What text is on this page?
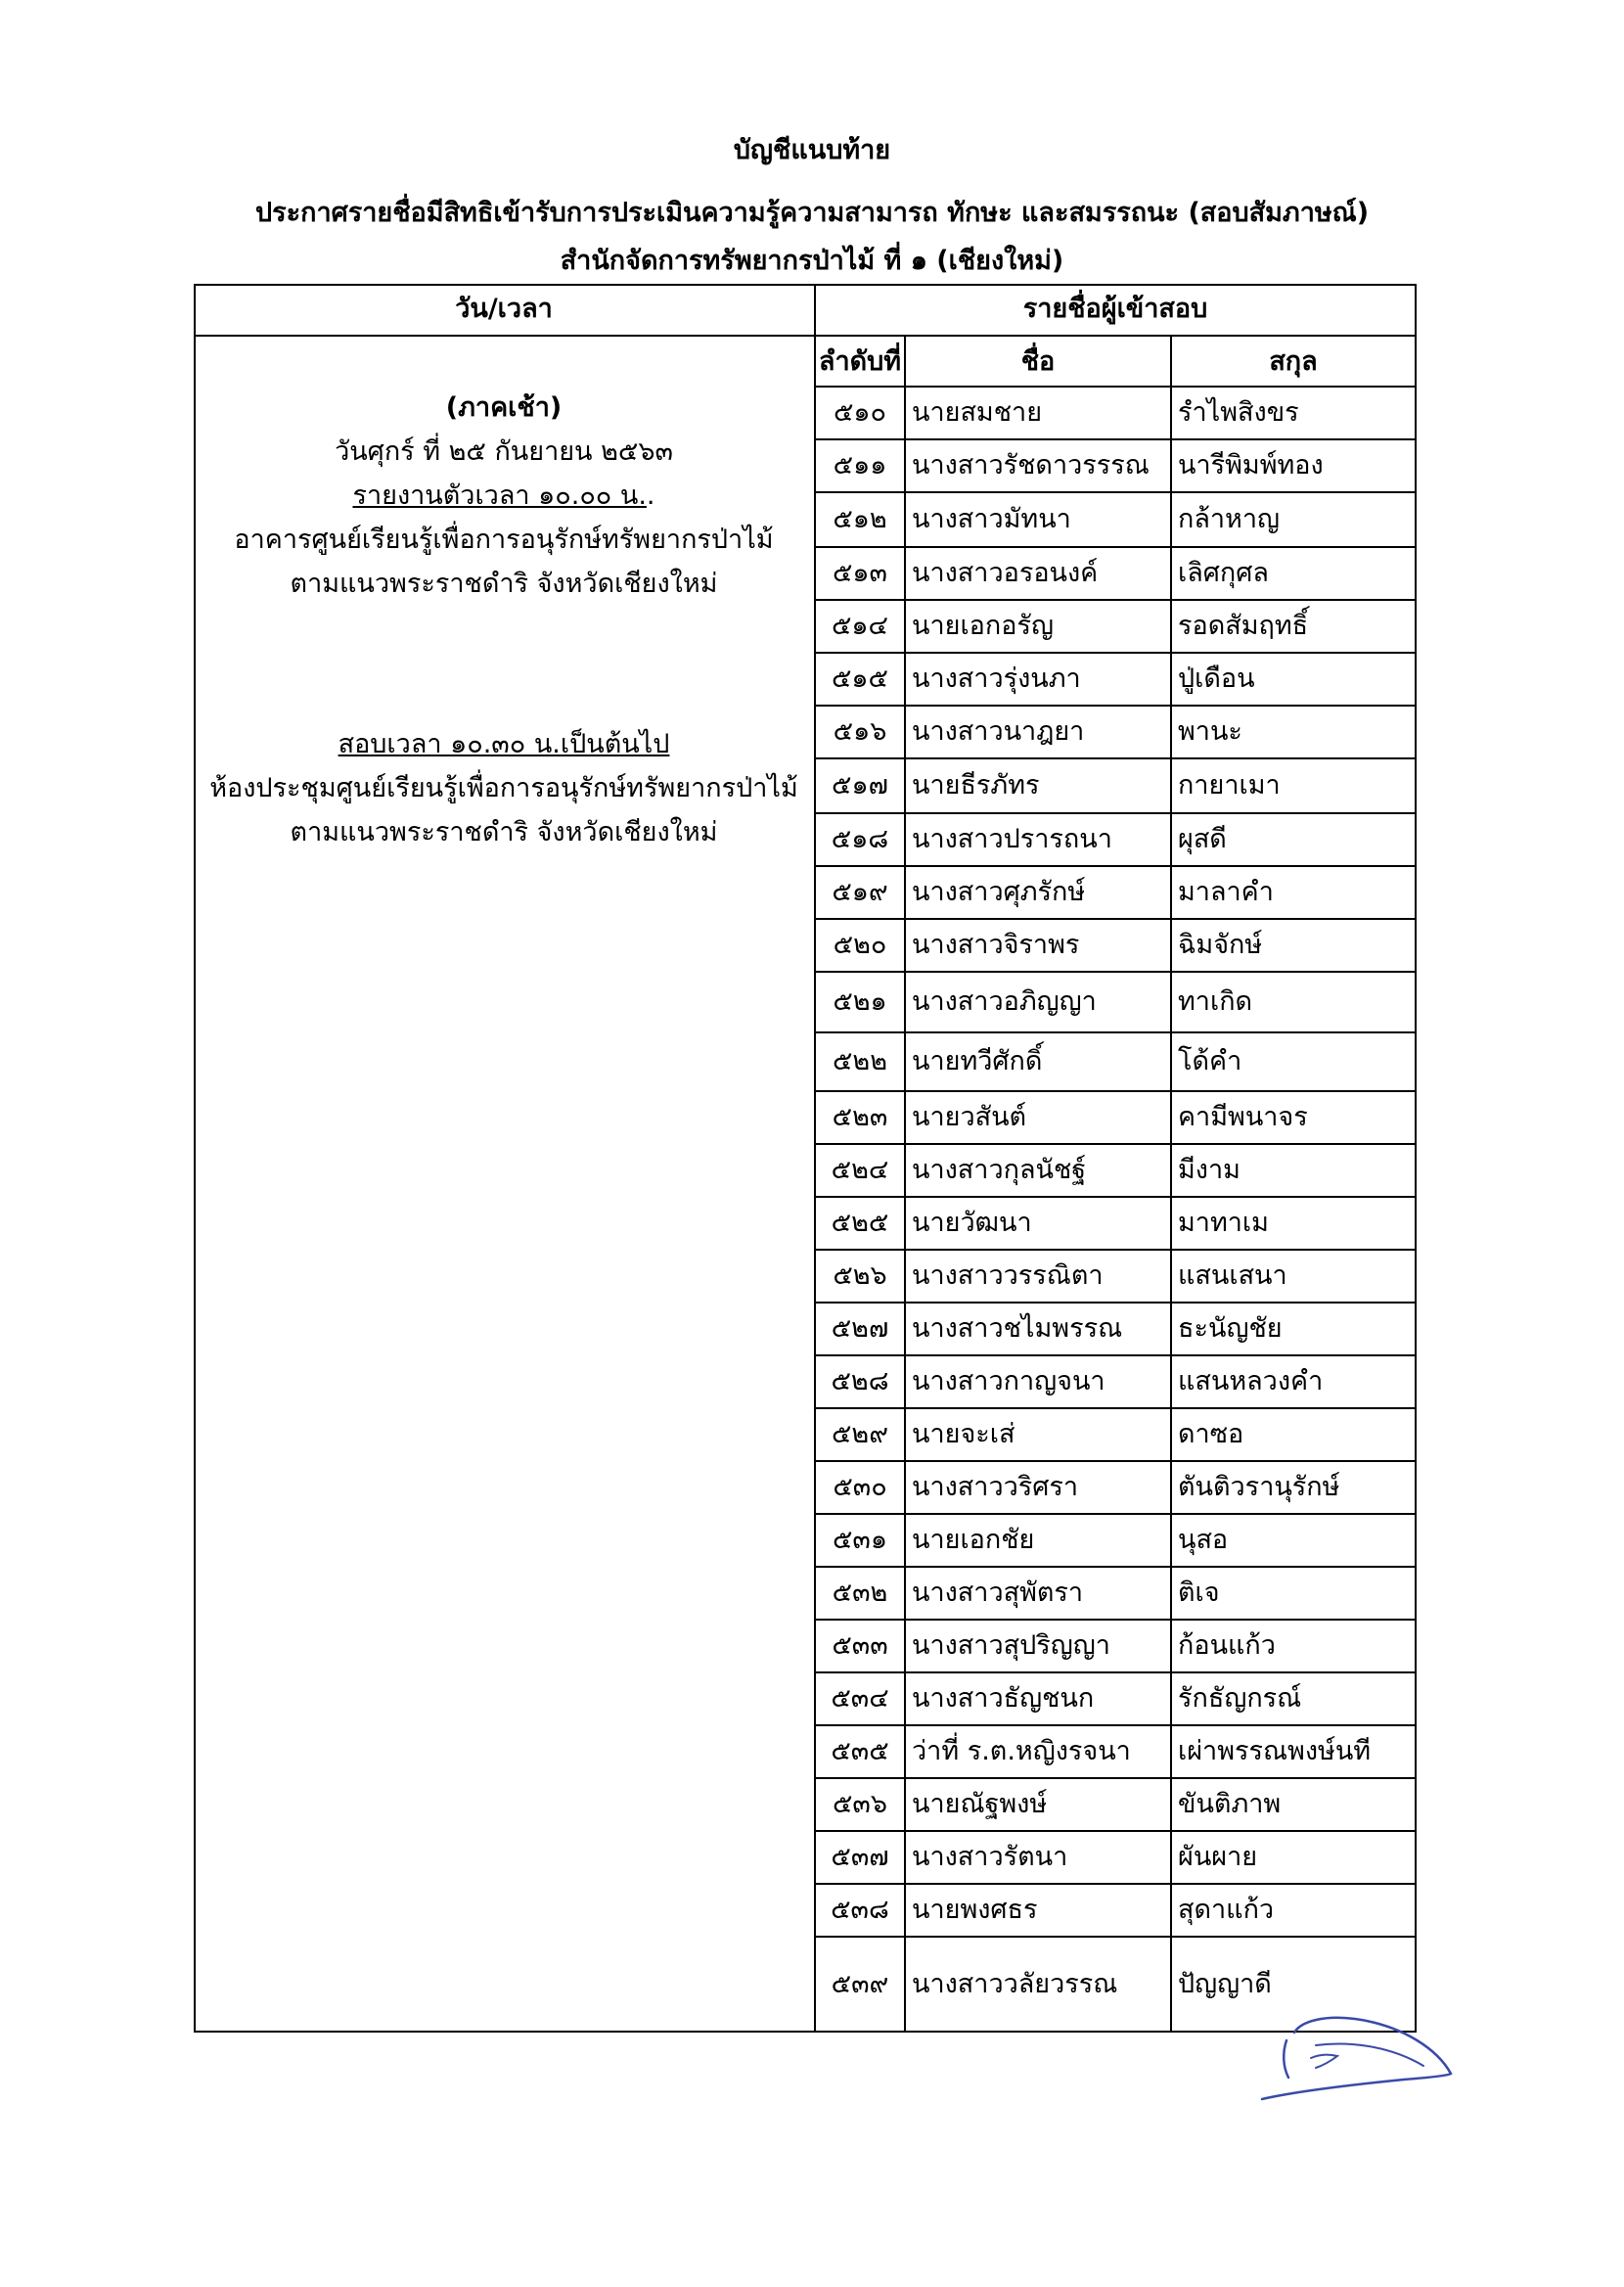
บัญชีแนบท้าย
ประกาศรายชื่อมีสิทธิเข้ารับการประเมินความรู้ความสามารถ ทักษะ และสมรรถนะ (สอบสัมภาษณ์)
สำนักจัดการทรัพยากรป่าไม้ ที่ ๑ (เชียงใหม่)
วัน/เวลา	รายชื่อผู้เข้าสอบ
ลำดับที่	ชื่อ	สกุล
๕๑๐ นายสมชาย	รำไพสิงขร
๕๑๑ นางสาวรัชดาวรรรณ	นารีพิมพ์ทอง
๕๑๒ นางสาวมัทนา	กล้าหาญ
๕๑๓ นางสาวอรอนงค์	เลิศกุศล
๕๑๔ นายเอกอรัญ	รอดสัมฤทธิ์
๕๑๕ นางสาวรุ่งนภา	ปู่เดือน
๕๑๖ นางสาวนาฎยา	พานะ
๕๑๗ นายธีรภัทร	กายาเมา
๕๑๘ นางสาวปรารถนา	ผุสดี
๕๑๙ นางสาวศุภรักษ์	มาลาคำ
๕๒๐ นางสาวจิราพร	ฉิมจักษ์
๕๒๑ นางสาวอภิญญา	ทาเกิด
๕๒๒ นายทวีศักดิ์	โด้คำ
๕๒๓ นายวสันต์	คามีพนาจร
๕๒๔ นางสาวกุลนัชฐ์	มีงาม
๕๒๕ นายวัฒนา	มาทาเม
๕๒๖ นางสาววรรณิตา	แสนเสนา
๕๒๗ นางสาวชไมพรรณ	ธะนัญชัย
๕๒๘ นางสาวกาญจนา	แสนหลวงคำ
๕๒๙ นายจะเส่	ดาซอ
๕๓๐ นางสาววริศรา	ตันติวรานุรักษ์
๕๓๑ นายเอกชัย	นุสอ
๕๓๒ นางสาวสุพัตรา	ติเจ
๕๓๓ นางสาวสุปริญญา	ก้อนแก้ว
๕๓๔ นางสาวธัญชนก	รักธัญกรณ์
๕๓๕ ว่าที่ ร.ต.หญิงรจนา	เผ่าพรรณพงษ์นที
๕๓๖ นายณัฐพงษ์	ขันติภาพ
๕๓๗ นางสาวรัตนา	ผันผาย
๕๓๘ นายพงศธร	สุดาแก้ว
๕๓๙ นางสาววลัยวรรณ	ปัญญาดี
(ภาคเช้า)
วันศุกร์ ที่ ๒๕ กันยายน ๒๕๖๓
รายงานตัวเวลา ๑๐.๐๐ น..
อาคารศูนย์เรียนรู้เพื่อการอนุรักษ์ทรัพยากรป่าไม้
ตามแนวพระราชดำริ จังหวัดเชียงใหม่
สอบเวลา ๑๐.๓๐ น.เป็นต้นไป
ห้องประชุมศูนย์เรียนรู้เพื่อการอนุรักษ์ทรัพยากรป่าไม้
ตามแนวพระราชดำริ จังหวัดเชียงใหม่
